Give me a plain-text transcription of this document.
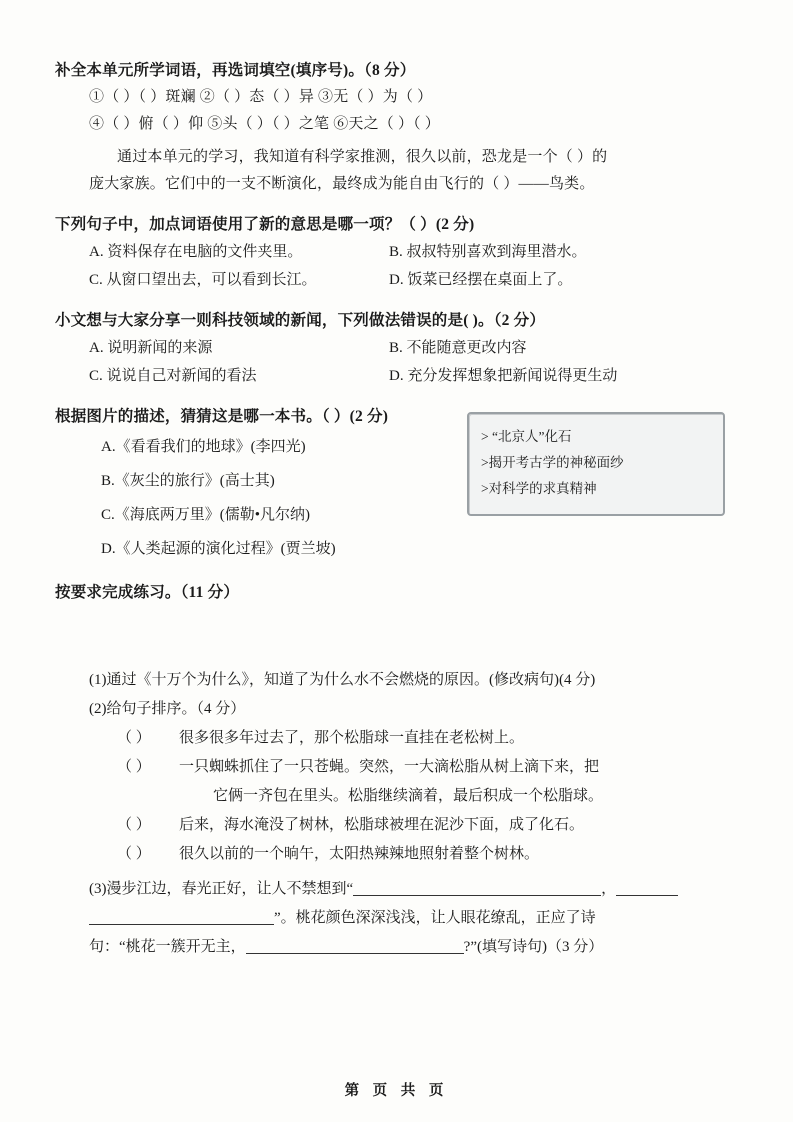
补全本单元所学词语，再选词填空(填序号)。（8 分）
①（ ）（ ）斑斓 ②（ ）态（ ）异 ③无（ ）为（ ）
④（ ）俯（ ）仰 ⑤头（ ）（ ）之笔 ⑥天之（ ）（ ）
通过本单元的学习，我知道有科学家推测，很久以前，恐龙是一个（ ）的
庞大家族。它们中的一支不断演化，最终成为能自由飞行的（ ）——鸟类。
下列句子中，加点词语使用了新的意思是哪一项？（ ）(2 分)
A. 资料保存在电脑的文件夹里。	B. 叔叔特别喜欢到海里潜水。
C. 从窗口望出去，可以看到长江。	D. 饭菜已经摆在桌面上了。
小文想与大家分享一则科技领域的新闻，下列做法错误的是( )。（2 分）
A. 说明新闻的来源	B. 不能随意更改内容
C. 说说自己对新闻的看法	D. 充分发挥想象把新闻说得更生动
根据图片的描述，猜猜这是哪一本书。（ ）(2 分)
A.《看看我们的地球》(李四光)
B.《灰尘的旅行》(高士其)
C.《海底两万里》(儒勒•凡尔纳)
D.《人类起源的演化过程》(贾兰坡)
> “北京人”化石
>揭开考古学的神秘面纱
>对科学的求真精神
按要求完成练习。（11 分）
(1)通过《十万个为什么》，知道了为什么水不会燃烧的原因。(修改病句)(4 分)
(2)给句子排序。（4 分）
（ ）	很多很多年过去了，那个松脂球一直挂在老松树上。
（ ）	一只蜘蛛抓住了一只苍蝇。突然，一大滴松脂从树上滴下来，把
它俩一齐包在里头。松脂继续滴着，最后积成一个松脂球。
（ ）	后来，海水淹没了树林，松脂球被埋在泥沙下面，成了化石。
（ ）	很久以前的一个晌午，太阳热辣辣地照射着整个树林。
(3)漫步江边，春光正好，让人不禁想到“	，
”。桃花颜色深深浅浅，让人眼花缭乱，正应了诗
句：“桃花一簇开无主，	?”(填写诗句)（3 分）
第 页 共 页
